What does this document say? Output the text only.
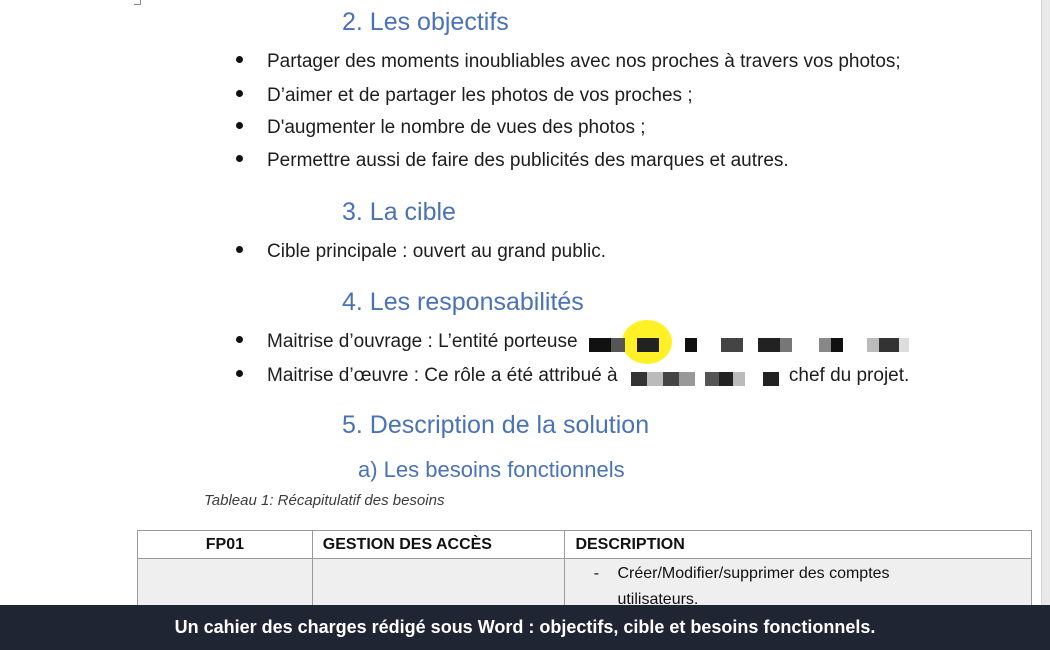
2. Les objectifs
Partager des moments inoubliables avec nos proches à travers vos photos;
D’aimer et de partager les photos de vos proches ;
D'augmenter le nombre de vues des photos ;
Permettre aussi de faire des publicités des marques et autres.
3. La cible
Cible principale : ouvert au grand public.
4. Les responsabilités
Maitrise d’ouvrage : L’entité porteuse
Maitrise d’œuvre : Ce rôle a été attribué à	chef du projet.
5. Description de la solution
a) Les besoins fonctionnels
Tableau 1: Récapitulatif des besoins
FP01	GESTION DES ACCÈS	DESCRIPTION

		- Créer/Modifier/supprimer des comptes
utilisateurs.
Un cahier des charges rédigé sous Word : objectifs, cible et besoins fonctionnels.
